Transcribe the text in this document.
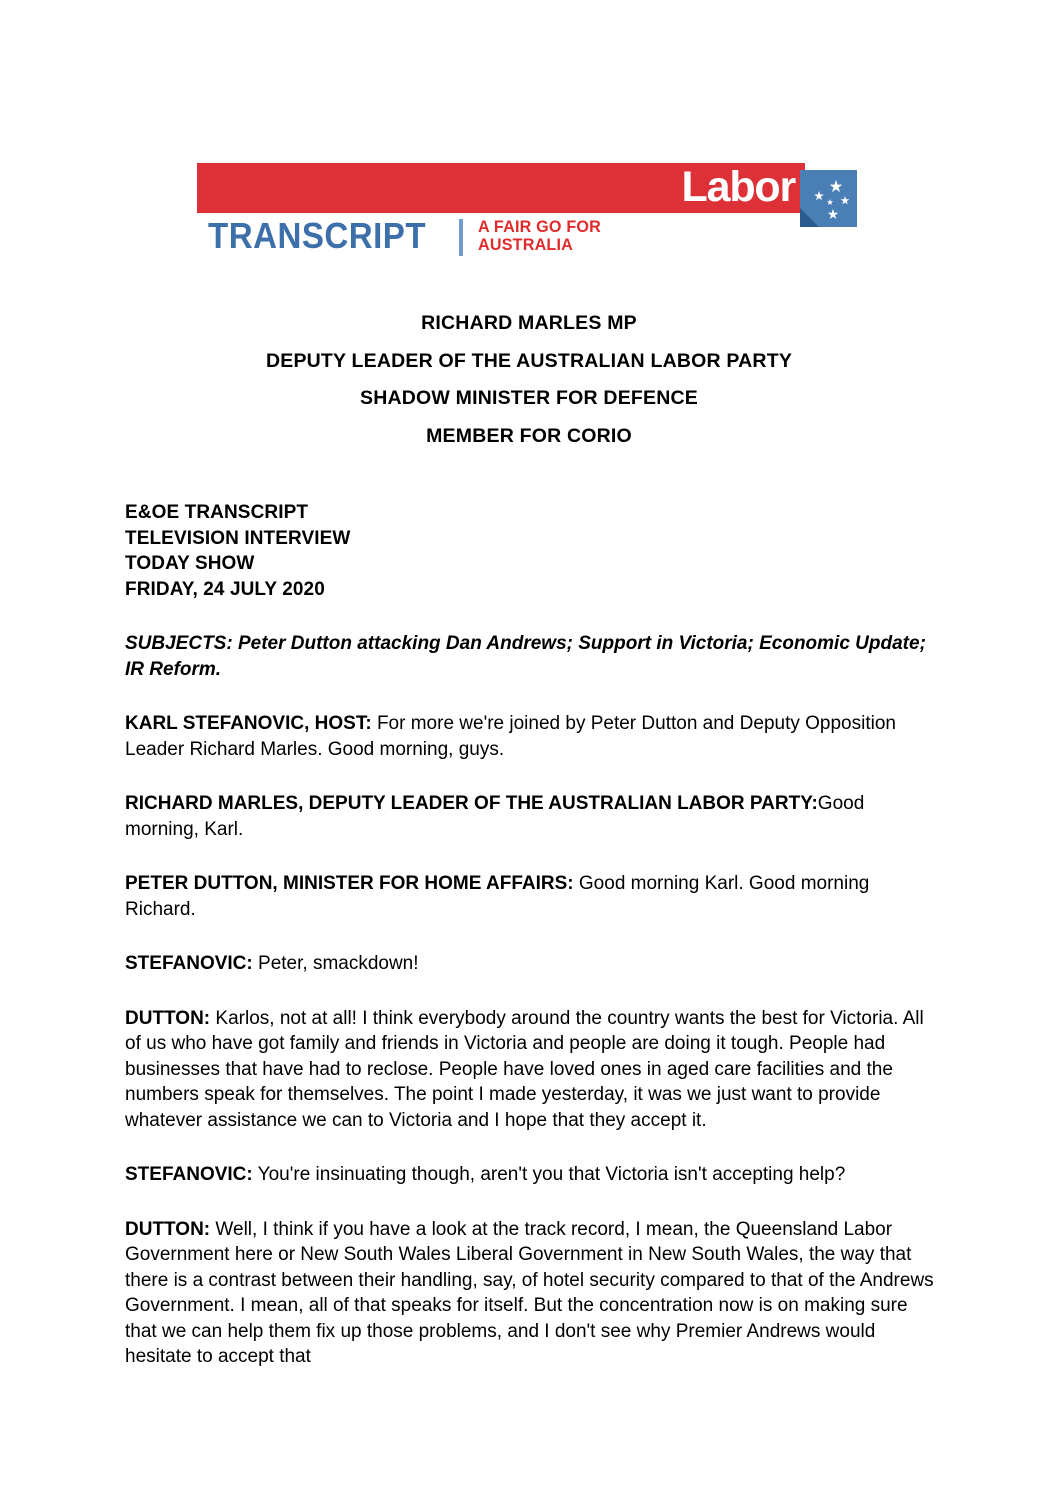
Labor
TRANSCRIPT	A FAIR GO FOR
AUSTRALIA
RICHARD MARLES MP
DEPUTY LEADER OF THE AUSTRALIAN LABOR PARTY
SHADOW MINISTER FOR DEFENCE
MEMBER FOR CORIO
E&OE TRANSCRIPT
TELEVISION INTERVIEW
TODAY SHOW
FRIDAY, 24 JULY 2020
SUBJECTS: Peter Dutton attacking Dan Andrews; Support in Victoria; Economic Update; IR Reform.
KARL STEFANOVIC, HOST: For more we're joined by Peter Dutton and Deputy Opposition Leader Richard Marles. Good morning, guys.
RICHARD MARLES, DEPUTY LEADER OF THE AUSTRALIAN LABOR PARTY:Good morning, Karl.
PETER DUTTON, MINISTER FOR HOME AFFAIRS: Good morning Karl. Good morning Richard.
STEFANOVIC: Peter, smackdown!
DUTTON: Karlos, not at all! I think everybody around the country wants the best for Victoria. All of us who have got family and friends in Victoria and people are doing it tough. People had businesses that have had to reclose. People have loved ones in aged care facilities and the numbers speak for themselves. The point I made yesterday, it was we just want to provide whatever assistance we can to Victoria and I hope that they accept it.
STEFANOVIC: You're insinuating though, aren't you that Victoria isn't accepting help?
DUTTON: Well, I think if you have a look at the track record, I mean, the Queensland Labor Government here or New South Wales Liberal Government in New South Wales, the way that there is a contrast between their handling, say, of hotel security compared to that of the Andrews Government. I mean, all of that speaks for itself. But the concentration now is on making sure that we can help them fix up those problems, and I don't see why Premier Andrews would hesitate to accept that
